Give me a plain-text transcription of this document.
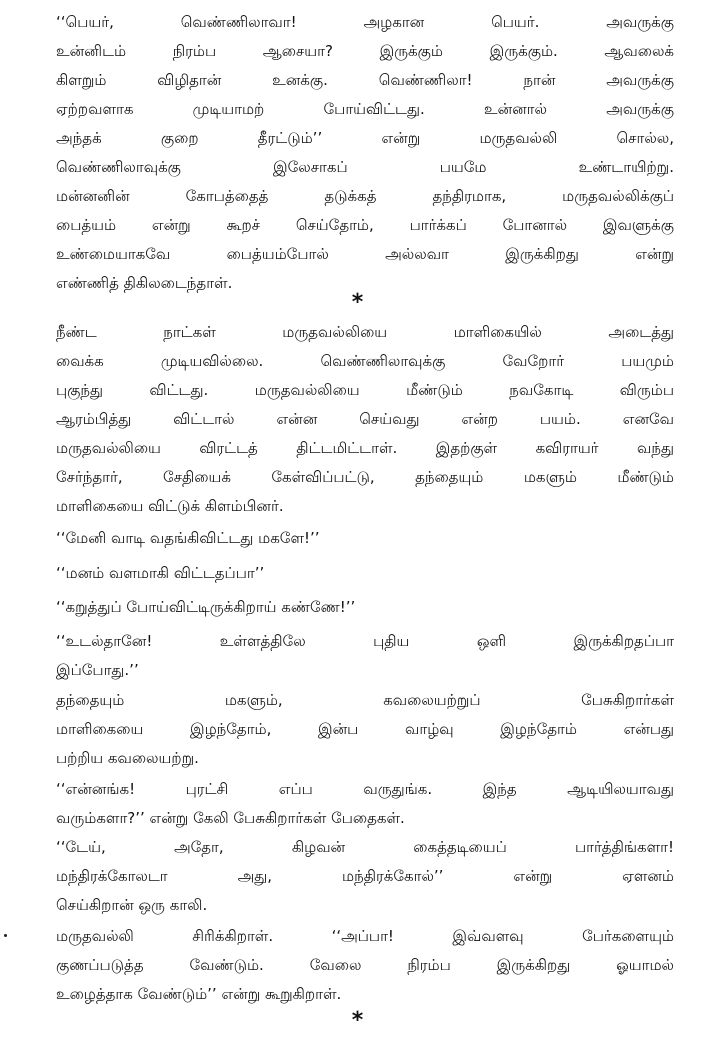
‘‘பெயர், வெண்ணிலாவா! அழகான பெயர். அவருக்கு
உன்னிடம் நிரம்ப ஆசையா? இருக்கும் இருக்கும். ஆவலைக்
கிளறும் விழிதான் உனக்கு. வெண்ணிலா! நான் அவருக்கு
ஏற்றவளாக முடியாமற் போய்விட்டது. உன்னால் அவருக்கு
அந்தக் குறை தீரட்டும்’’ என்று மருதவல்லி சொல்ல,
வெண்ணிலாவுக்கு இலேசாகப் பயமே உண்டாயிற்று.
மன்னனின் கோபத்தைத் தடுக்கத் தந்திரமாக, மருதவல்லிக்குப்
பைத்யம் என்று கூறச் செய்தோம், பார்க்கப் போனால் இவளுக்கு
உண்மையாகவே பைத்யம்போல் அல்லவா இருக்கிறது என்று
எண்ணித் திகிலடைந்தாள்.
*
நீண்ட நாட்கள் மருதவல்லியை மாளிகையில் அடைத்து
வைக்க முடியவில்லை. வெண்ணிலாவுக்கு வேறோர் பயமும்
புகுந்து விட்டது. மருதவல்லியை மீண்டும் நவகோடி விரும்ப
ஆரம்பித்து விட்டால் என்ன செய்வது என்ற பயம். எனவே
மருதவல்லியை விரட்டத் திட்டமிட்டாள். இதற்குள் கவிராயர் வந்து
சேர்ந்தார், சேதியைக் கேள்விப்பட்டு, தந்தையும் மகளும் மீண்டும்
மாளிகையை விட்டுக் கிளம்பினர்.
‘‘மேனி வாடி வதங்கிவிட்டது மகளே!’’
‘‘மனம் வளமாகி விட்டதப்பா’’
‘‘கறுத்துப் போய்விட்டிருக்கிறாய் கண்ணே!’’
‘‘உடல்தானே! உள்ளத்திலே புதிய ஒளி இருக்கிறதப்பா
இப்போது.’’
தந்தையும் மகளும், கவலையற்றுப் பேசுகிறார்கள்
மாளிகையை இழந்தோம், இன்ப வாழ்வு இழந்தோம் என்பது
பற்றிய கவலையற்று.
‘‘என்னங்க! புரட்சி எப்ப வருதுங்க. இந்த ஆடியிலயாவது
வரும்களா?’’ என்று கேலி பேசுகிறார்கள் பேதைகள்.
‘‘டேய், அதோ, கிழவன் கைத்தடியைப் பார்த்திங்களா!
மந்திரக்கோலடா அது, மந்திரக்கோல்’’ என்று ஏளனம்
செய்கிறான் ஒரு காலி.
மருதவல்லி சிரிக்கிறாள். ‘‘அப்பா! இவ்வளவு பேர்களையும்
குணப்படுத்த வேண்டும். வேலை நிரம்ப இருக்கிறது ஓயாமல்
உழைத்தாக வேண்டும்’’ என்று கூறுகிறாள்.
*
